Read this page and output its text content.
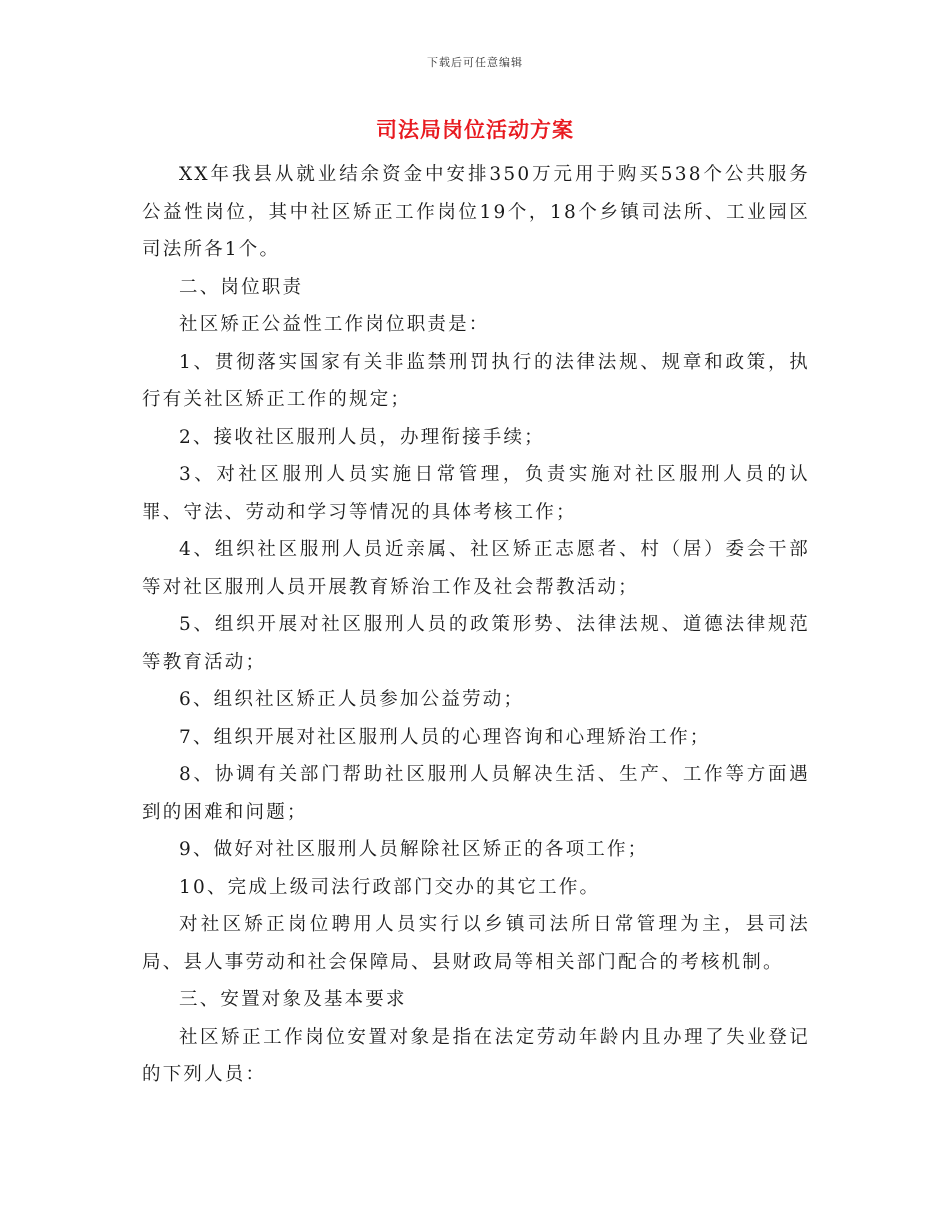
下载后可任意编辑
司法局岗位活动方案

XX年我县从就业结余资金中安排350万元用于购买538个公共服务公益性岗位，其中社区矫正工作岗位19个，18个乡镇司法所、工业园区司法所各1个。

二、岗位职责

社区矫正公益性工作岗位职责是：

1、贯彻落实国家有关非监禁刑罚执行的法律法规、规章和政策，执行有关社区矫正工作的规定；

2、接收社区服刑人员，办理衔接手续；

3、对社区服刑人员实施日常管理，负责实施对社区服刑人员的认罪、守法、劳动和学习等情况的具体考核工作；

4、组织社区服刑人员近亲属、社区矫正志愿者、村（居）委会干部等对社区服刑人员开展教育矫治工作及社会帮教活动；

5、组织开展对社区服刑人员的政策形势、法律法规、道德法律规范等教育活动；

6、组织社区矫正人员参加公益劳动；

7、组织开展对社区服刑人员的心理咨询和心理矫治工作；

8、协调有关部门帮助社区服刑人员解决生活、生产、工作等方面遇到的困难和问题；

9、做好对社区服刑人员解除社区矫正的各项工作；

10、完成上级司法行政部门交办的其它工作。

对社区矫正岗位聘用人员实行以乡镇司法所日常管理为主，县司法局、县人事劳动和社会保障局、县财政局等相关部门配合的考核机制。

三、安置对象及基本要求

社区矫正工作岗位安置对象是指在法定劳动年龄内且办理了失业登记的下列人员：
